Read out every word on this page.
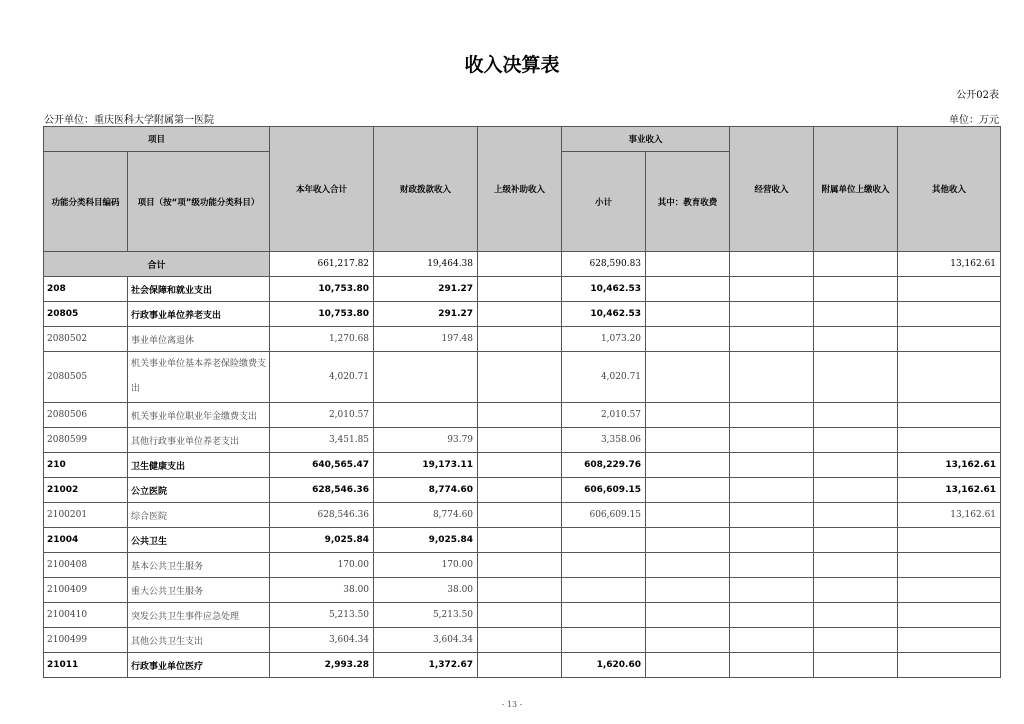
收入决算表
公开02表
公开单位：重庆医科大学附属第一医院	单位：万元
项目		本年收入合计	财政拨款收入	上级补助收入	事业收入		经营收入	附属单位上缴收入	其他收入
功能分类科目编码	项目（按“项”级功能分类科目）				小计	其中：教育收费			
合计		661,217.82	19,464.38		628,590.83				13,162.61
208	社会保障和就业支出	10,753.80	291.27		10,462.53				
20805	行政事业单位养老支出	10,753.80	291.27		10,462.53				
2080502	事业单位离退休	1,270.68	197.48		1,073.20				
2080505	机关事业单位基本养老保险缴费支出	4,020.71			4,020.71				
2080506	机关事业单位职业年金缴费支出	2,010.57			2,010.57				
2080599	其他行政事业单位养老支出	3,451.85	93.79		3,358.06				
210	卫生健康支出	640,565.47	19,173.11		608,229.76				13,162.61
21002	公立医院	628,546.36	8,774.60		606,609.15				13,162.61
2100201	综合医院	628,546.36	8,774.60		606,609.15				13,162.61
21004	公共卫生	9,025.84	9,025.84						
2100408	基本公共卫生服务	170.00	170.00						
2100409	重大公共卫生服务	38.00	38.00						
2100410	突发公共卫生事件应急处理	5,213.50	5,213.50						
2100499	其他公共卫生支出	3,604.34	3,604.34						
21011	行政事业单位医疗	2,993.28	1,372.67		1,620.60				
- 13 -
